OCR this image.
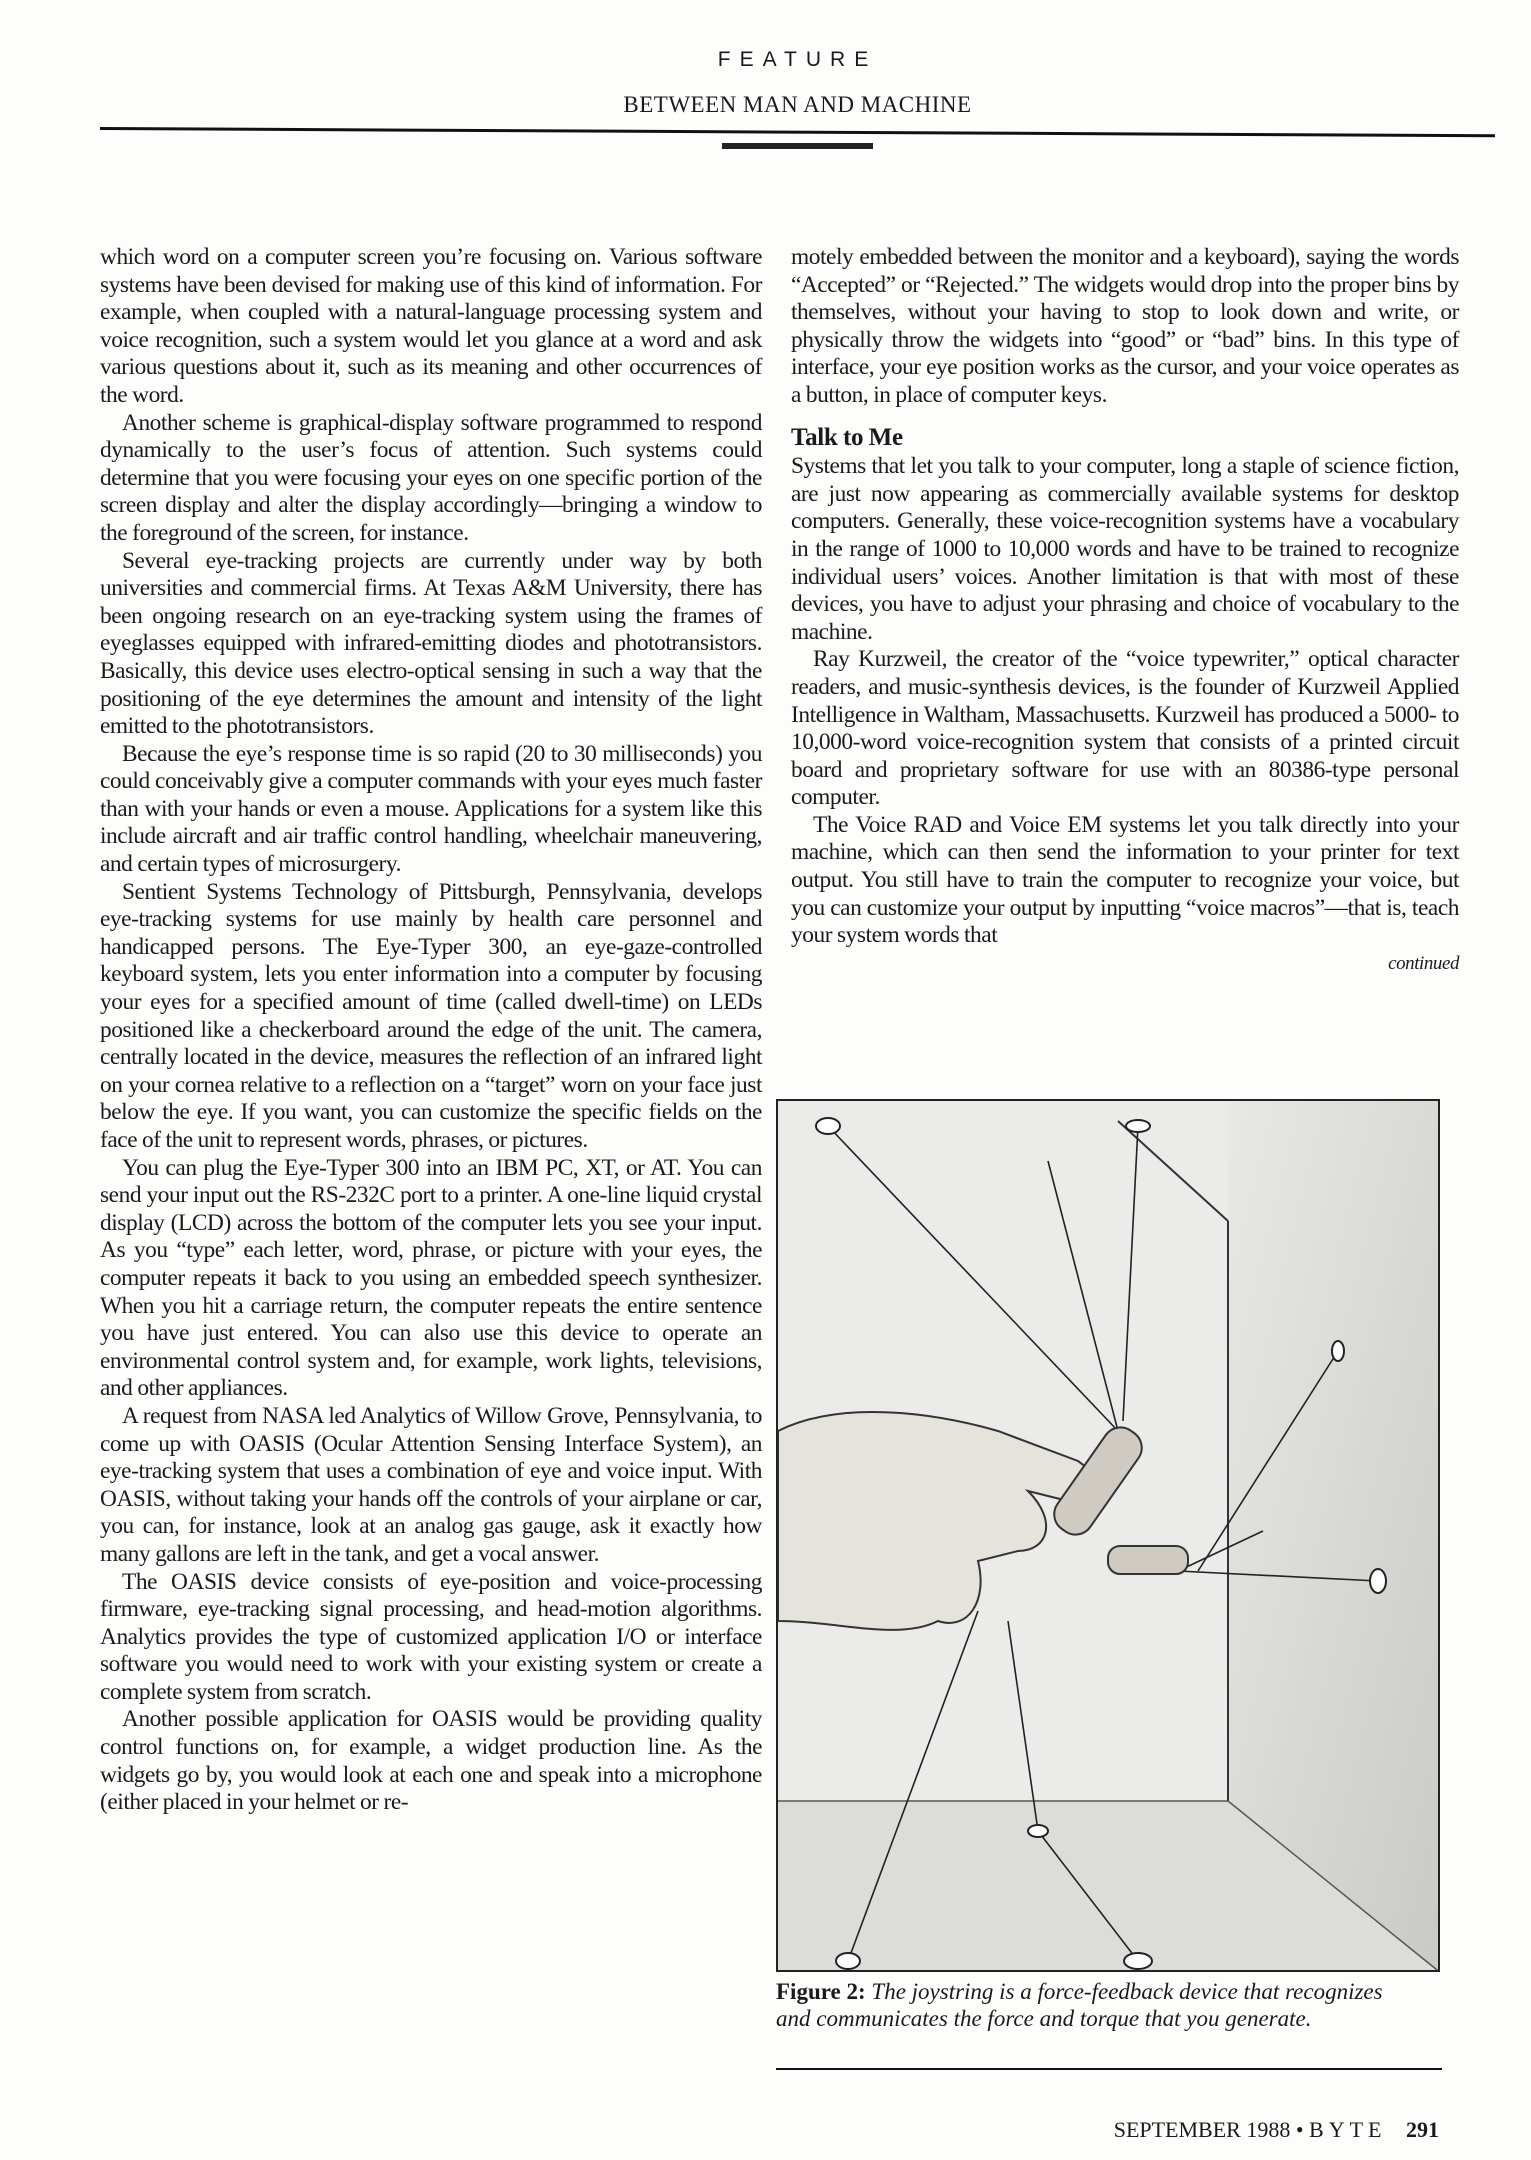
FEATURE
BETWEEN MAN AND MACHINE

which word on a computer screen you’re focusing on. Various software systems have been devised for making use of this kind of information. For example, when coupled with a natural-language processing system and voice recognition, such a system would let you glance at a word and ask various questions about it, such as its meaning and other occurrences of the word.

Another scheme is graphical-display software programmed to respond dynamically to the user’s focus of attention. Such systems could determine that you were focusing your eyes on one specific portion of the screen display and alter the display accordingly—bringing a window to the foreground of the screen, for instance.

Several eye-tracking projects are currently under way by both universities and commercial firms. At Texas A&M University, there has been ongoing research on an eye-tracking system using the frames of eyeglasses equipped with infrared-emitting diodes and phototransistors. Basically, this device uses electro-optical sensing in such a way that the positioning of the eye determines the amount and intensity of the light emitted to the phototransistors.

Because the eye’s response time is so rapid (20 to 30 milliseconds) you could conceivably give a computer commands with your eyes much faster than with your hands or even a mouse. Applications for a system like this include aircraft and air traffic control handling, wheelchair maneuvering, and certain types of microsurgery.

Sentient Systems Technology of Pittsburgh, Pennsylvania, develops eye-tracking systems for use mainly by health care personnel and handicapped persons. The Eye-Typer 300, an eye-gaze-controlled keyboard system, lets you enter information into a computer by focusing your eyes for a specified amount of time (called dwell-time) on LEDs positioned like a checkerboard around the edge of the unit. The camera, centrally located in the device, measures the reflection of an infrared light on your cornea relative to a reflection on a “target” worn on your face just below the eye. If you want, you can customize the specific fields on the face of the unit to represent words, phrases, or pictures.

You can plug the Eye-Typer 300 into an IBM PC, XT, or AT. You can send your input out the RS-232C port to a printer. A one-line liquid crystal display (LCD) across the bottom of the computer lets you see your input. As you “type” each letter, word, phrase, or picture with your eyes, the computer repeats it back to you using an embedded speech synthesizer. When you hit a carriage return, the computer repeats the entire sentence you have just entered. You can also use this device to operate an environmental control system and, for example, work lights, televisions, and other appliances.

A request from NASA led Analytics of Willow Grove, Pennsylvania, to come up with OASIS (Ocular Attention Sensing Interface System), an eye-tracking system that uses a combination of eye and voice input. With OASIS, without taking your hands off the controls of your airplane or car, you can, for instance, look at an analog gas gauge, ask it exactly how many gallons are left in the tank, and get a vocal answer.

The OASIS device consists of eye-position and voice-processing firmware, eye-tracking signal processing, and head-motion algorithms. Analytics provides the type of customized application I/O or interface software you would need to work with your existing system or create a complete system from scratch.

Another possible application for OASIS would be providing quality control functions on, for example, a widget production line. As the widgets go by, you would look at each one and speak into a microphone (either placed in your helmet or re-

motely embedded between the monitor and a keyboard), saying the words “Accepted” or “Rejected.” The widgets would drop into the proper bins by themselves, without your having to stop to look down and write, or physically throw the widgets into “good” or “bad” bins. In this type of interface, your eye position works as the cursor, and your voice operates as a button, in place of computer keys.

Talk to Me

Systems that let you talk to your computer, long a staple of science fiction, are just now appearing as commercially available systems for desktop computers. Generally, these voice-recognition systems have a vocabulary in the range of 1000 to 10,000 words and have to be trained to recognize individual users’ voices. Another limitation is that with most of these devices, you have to adjust your phrasing and choice of vocabulary to the machine.

Ray Kurzweil, the creator of the “voice typewriter,” optical character readers, and music-synthesis devices, is the founder of Kurzweil Applied Intelligence in Waltham, Massachusetts. Kurzweil has produced a 5000- to 10,000-word voice-recognition system that consists of a printed circuit board and proprietary software for use with an 80386-type personal computer.

The Voice RAD and Voice EM systems let you talk directly into your machine, which can then send the information to your printer for text output. You still have to train the computer to recognize your voice, but you can customize your output by inputting “voice macros”—that is, teach your system words that

continued
Figure 2: The joystring is a force-feedback device that recognizes and communicates the force and torque that you generate.
SEPTEMBER 1988 • BYTE 291
